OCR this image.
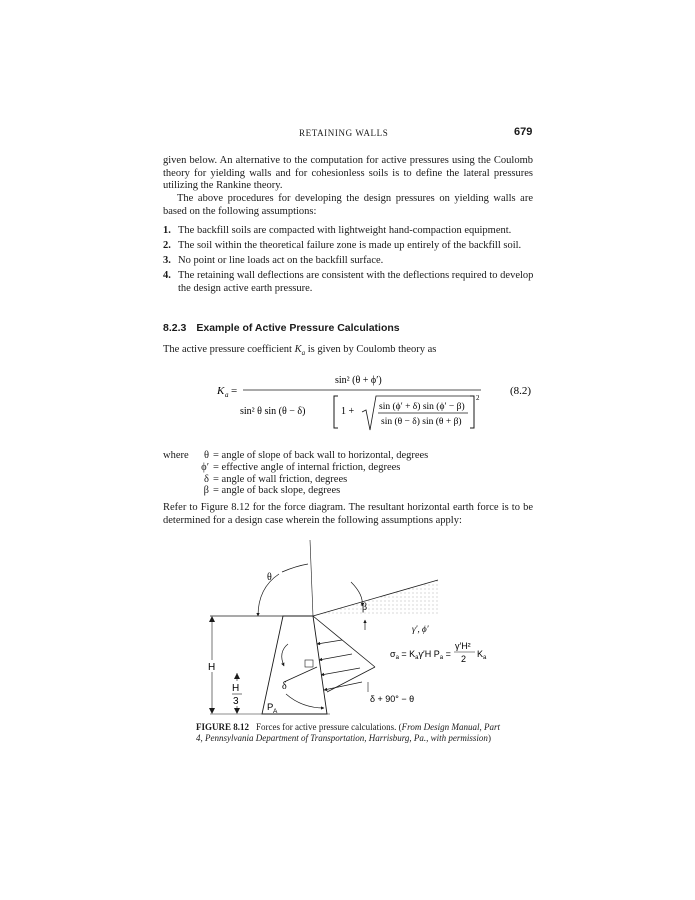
RETAINING WALLS	679
given below. An alternative to the computation for active pressures using the Coulomb theory for yielding walls and for cohesionless soils is to define the lateral pressures utilizing the Rankine theory.
The above procedures for developing the design pressures on yielding walls are based on the following assumptions:
1. The backfill soils are compacted with lightweight hand-compaction equipment.
2. The soil within the theoretical failure zone is made up entirely of the backfill soil.
3. No point or line loads act on the backfill surface.
4. The retaining wall deflections are consistent with the deflections required to develop the design active earth pressure.
8.2.3 Example of Active Pressure Calculations
The active pressure coefficient $K_a$ is given by Coulomb theory as
K a =
sin² (θ + ϕ′)
sin² θ sin (θ − δ)	1 +	sin (ϕ′ + δ) sin (ϕ′ − β)
sin (θ − δ) sin (θ + β)
2
(8.2)
where	θ = angle of slope of back wall to horizontal, degrees
ϕ′ = effective angle of internal friction, degrees
δ = angle of wall friction, degrees
β = angle of back slope, degrees
Refer to Figure 8.12 for the force diagram. The resultant horizontal earth force is to be determined for a design case wherein the following assumptions apply:
θ
β
γ′, ϕ′
H
H
3
δ
P A
$\sigma_a = K_a\gamma'H$ $P_a$ =
γ′H²
2 $K_a$
δ + 90° − θ
FIGURE 8.12 Forces for active pressure calculations. (From Design Manual, Part 4, Pennsylvania Department of Transportation, Harrisburg, Pa., with permission)
